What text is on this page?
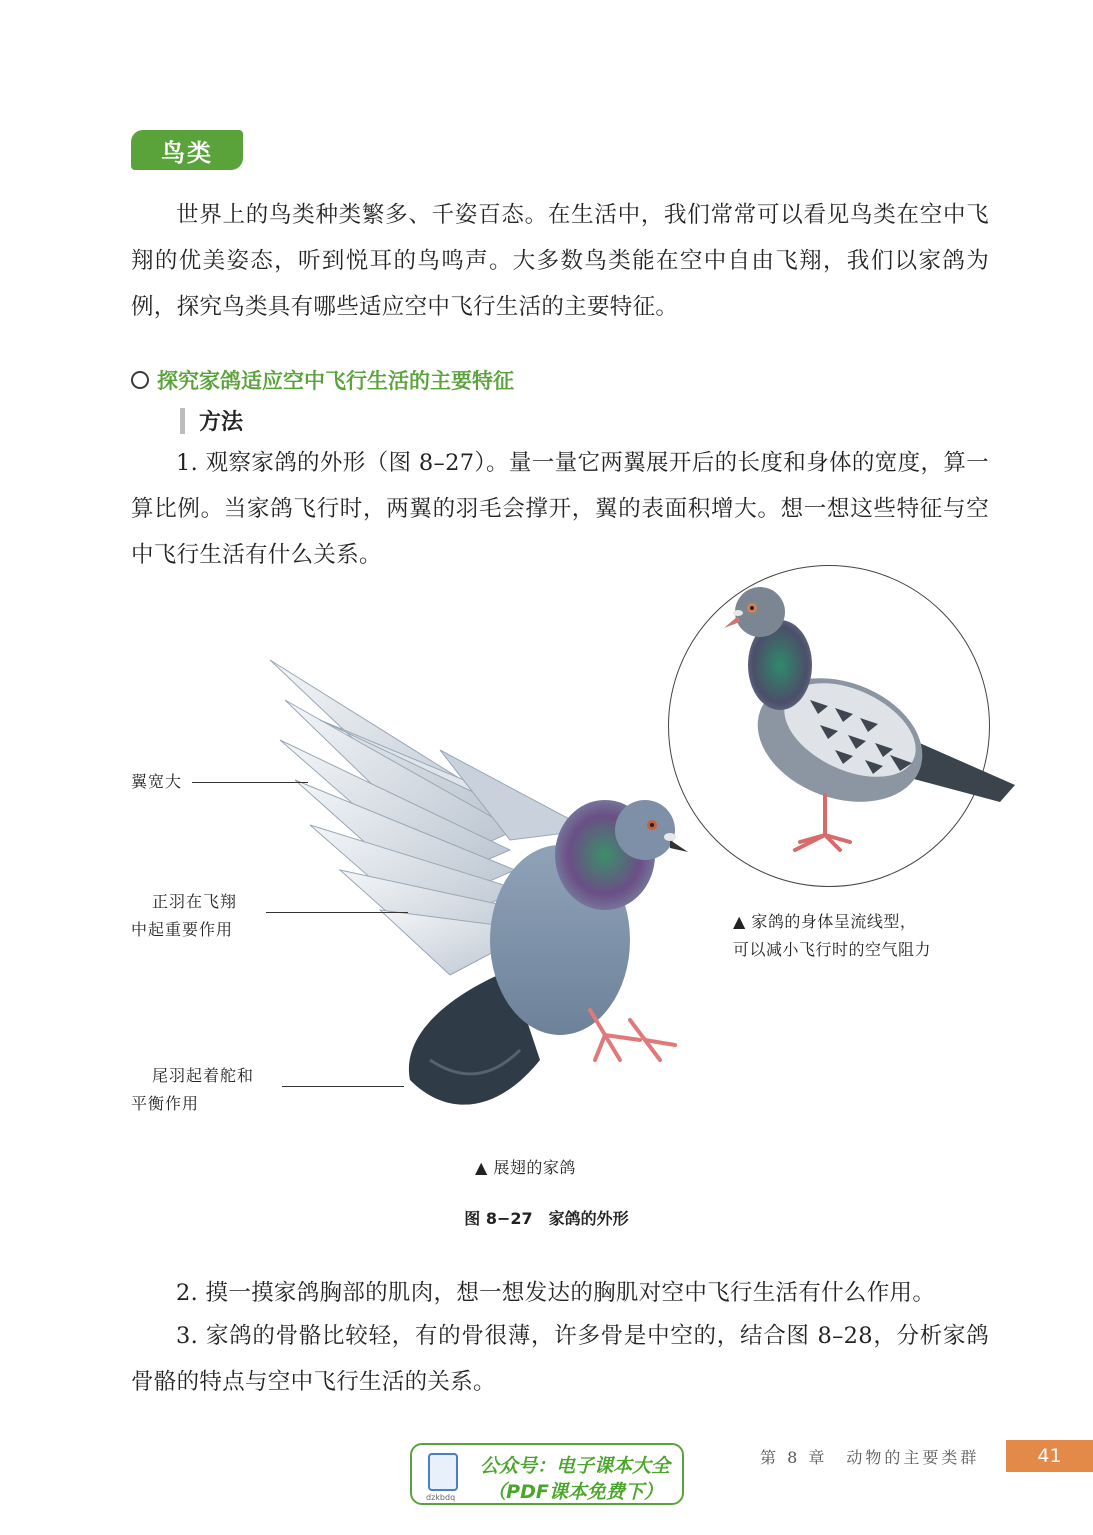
鸟类

世界上的鸟类种类繁多、千姿百态。在生活中，我们常常可以看见鸟类在空中飞翔的优美姿态，听到悦耳的鸟鸣声。大多数鸟类能在空中自由飞翔，我们以家鸽为例，探究鸟类具有哪些适应空中飞行生活的主要特征。

探究家鸽适应空中飞行生活的主要特征
方法

1. 观察家鸽的外形（图 8–27）。量一量它两翼展开后的长度和身体的宽度，算一算比例。当家鸽飞行时，两翼的羽毛会撑开，翼的表面积增大。想一想这些特征与空中飞行生活有什么关系。

翼宽大
正羽在飞翔
中起重要作用
尾羽起着舵和
平衡作用
▲ 展翅的家鸽
▲ 家鸽的身体呈流线型，
可以减小飞行时的空气阻力
图 8−27　家鸽的外形

2. 摸一摸家鸽胸部的肌肉，想一想发达的胸肌对空中飞行生活有什么作用。

3. 家鸽的骨骼比较轻，有的骨很薄，许多骨是中空的，结合图 8–28，分析家鸽骨骼的特点与空中飞行生活的关系。

dzkbdq
公众号：电子课本大全
（PDF课本免费下）
第 8 章　动物的主要类群	41
